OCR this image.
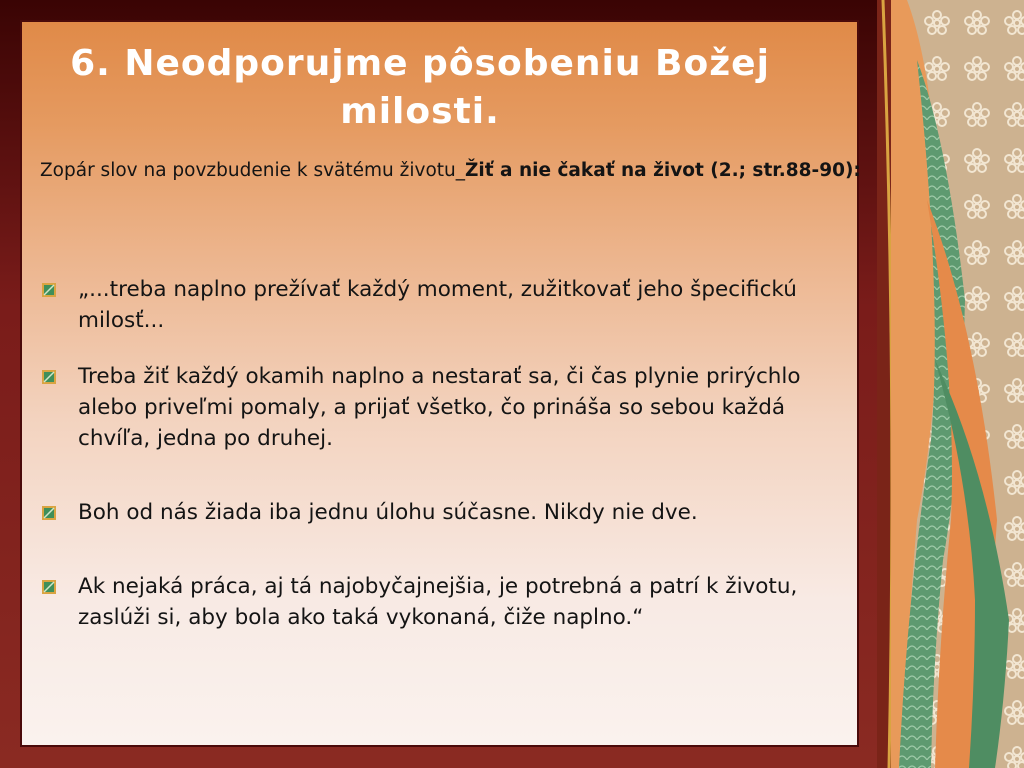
6. Neodporujme pôsobeniu Božej
milosti.
Zopár slov na povzbudenie k svätému životu_Žiť a nie čakať na život (2.; str.88-90):
„...treba naplno prežívať každý moment, zužitkovať jeho špecifickú milosť...
Treba žiť každý okamih naplno a nestarať sa, či čas plynie prirýchlo alebo priveľmi pomaly, a prijať všetko, čo prináša so sebou každá chvíľa, jedna po druhej.
Boh od nás žiada iba jednu úlohu súčasne. Nikdy nie dve.
Ak nejaká práca, aj tá najobyčajnejšia, je potrebná a patrí k životu, zaslúži si, aby bola ako taká vykonaná, čiže naplno.“
